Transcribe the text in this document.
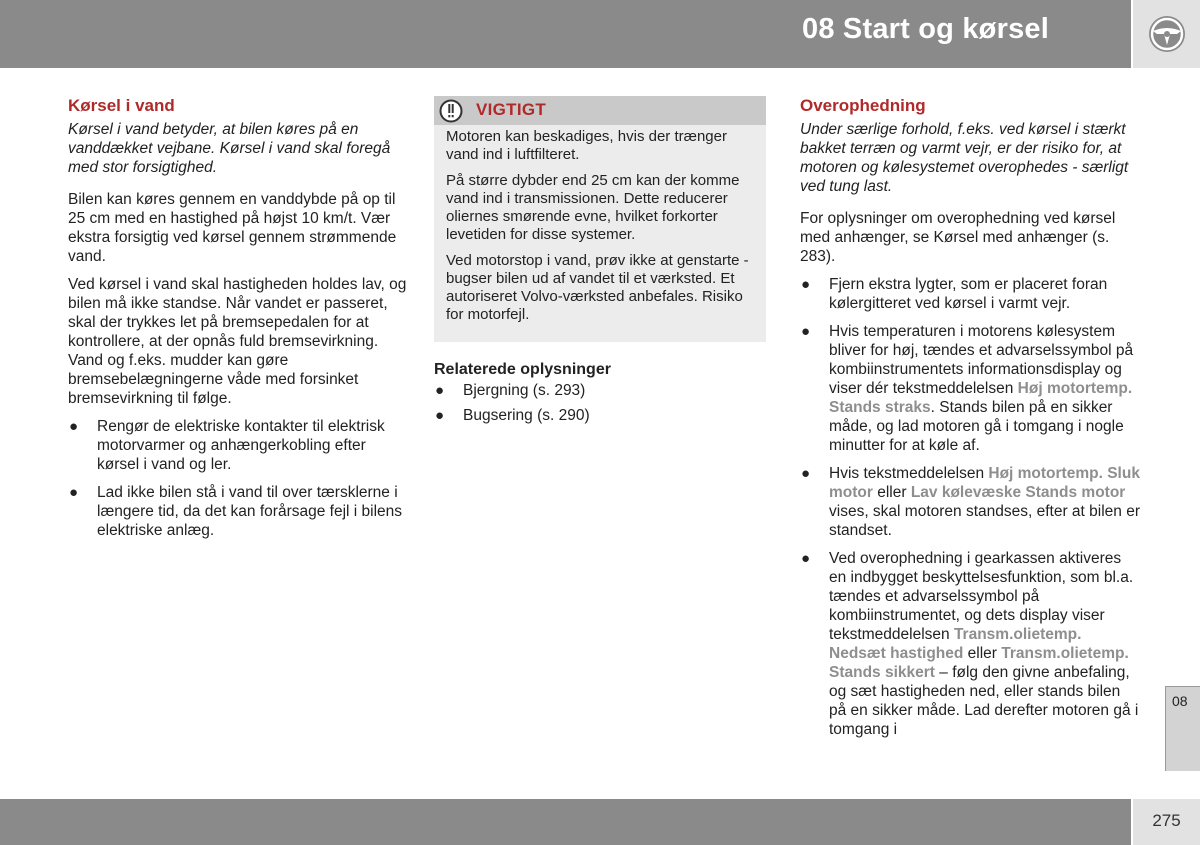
08 Start og kørsel
Kørsel i vand

Kørsel i vand betyder, at bilen køres på en vanddækket vejbane. Kørsel i vand skal foregå med stor forsigtighed.

Bilen kan køres gennem en vanddybde på op til 25 cm med en hastighed på højst 10 km/t. Vær ekstra forsigtig ved kørsel gennem strømmende vand.

Ved kørsel i vand skal hastigheden holdes lav, og bilen må ikke standse. Når vandet er passeret, skal der trykkes let på bremsepedalen for at kontrollere, at der opnås fuld bremsevirkning. Vand og f.eks. mudder kan gøre bremsebelægningerne våde med forsinket bremsevirkning til følge.

● Rengør de elektriske kontakter til elektrisk motorvarmer og anhængerkobling efter kørsel i vand og ler.
● Lad ikke bilen stå i vand til over tærsklerne i længere tid, da det kan forårsage fejl i bilens elektriske anlæg.
VIGTIGT

Motoren kan beskadiges, hvis der trænger vand ind i luftfilteret.

På større dybder end 25 cm kan der komme vand ind i transmissionen. Dette reducerer oliernes smørende evne, hvilket forkorter levetiden for disse systemer.

Ved motorstop i vand, prøv ikke at genstarte - bugser bilen ud af vandet til et værksted. Et autoriseret Volvo-værksted anbefales. Risiko for motorfejl.

Relaterede oplysninger
● Bjergning (s. 293)
● Bugsering (s. 290)
Overophedning

Under særlige forhold, f.eks. ved kørsel i stærkt bakket terræn og varmt vejr, er der risiko for, at motoren og kølesystemet overophedes - særligt ved tung last.

For oplysninger om overophedning ved kørsel med anhænger, se Kørsel med anhænger (s. 283).

● Fjern ekstra lygter, som er placeret foran kølergitteret ved kørsel i varmt vejr.
● Hvis temperaturen i motorens kølesystem bliver for høj, tændes et advarselssymbol på kombiinstrumentets informationsdisplay og viser dér tekstmeddelelsen Høj motortemp. Stands straks. Stands bilen på en sikker måde, og lad motoren gå i tomgang i nogle minutter for at køle af.
● Hvis tekstmeddelelsen Høj motortemp. Sluk motor eller Lav kølevæske Stands motor vises, skal motoren standses, efter at bilen er standset.
● Ved overophedning i gearkassen aktiveres en indbygget beskyttelsesfunktion, som bl.a. tændes et advarselssymbol på kombiinstrumentet, og dets display viser tekstmeddelelsen Transm.olietemp. Nedsæt hastighed eller Transm.olietemp. Stands sikkert – følg den givne anbefaling, og sæt hastigheden ned, eller stands bilen på en sikker måde. Lad derefter motoren gå i tomgang i
08
275
